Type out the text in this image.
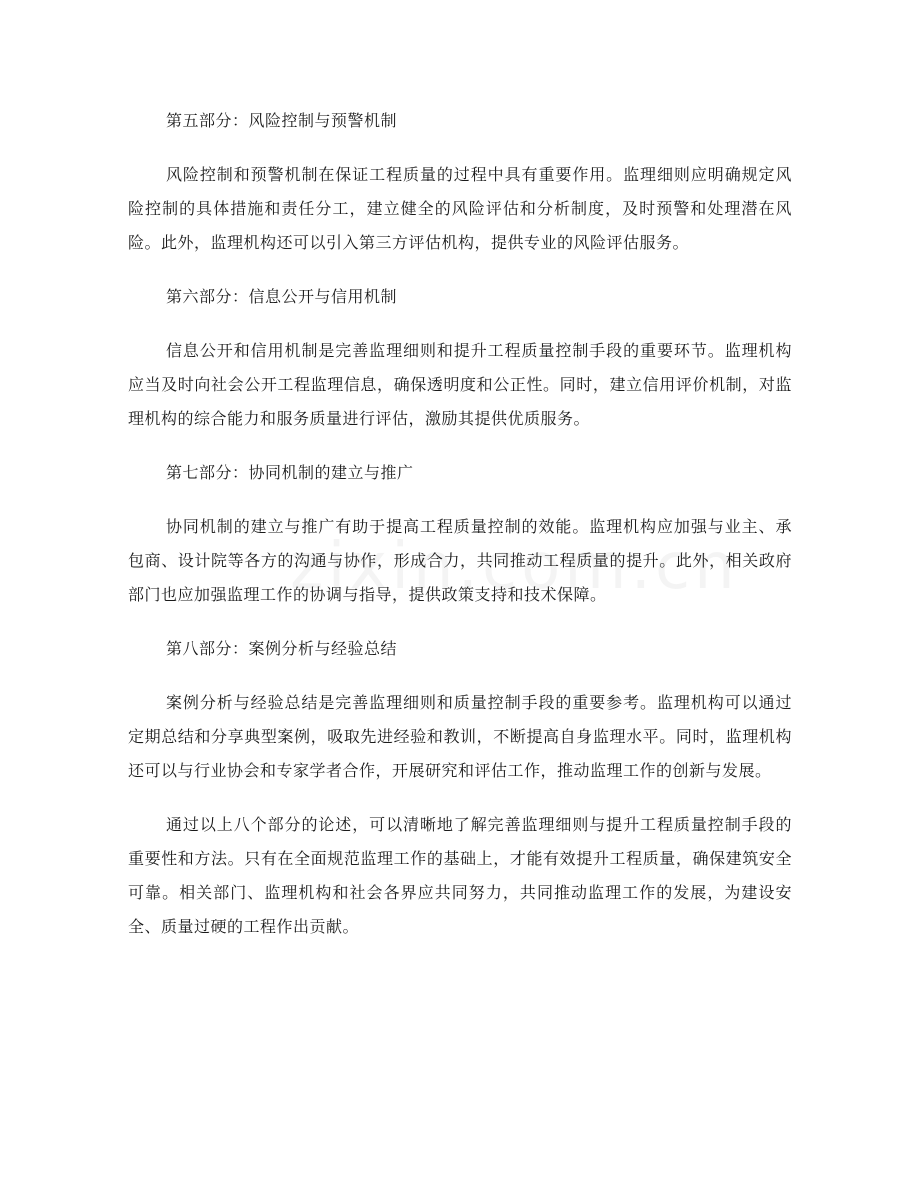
第五部分：风险控制与预警机制

风险控制和预警机制在保证工程质量的过程中具有重要作用。监理细则应明确规定风险控制的具体措施和责任分工，建立健全的风险评估和分析制度，及时预警和处理潜在风险。此外，监理机构还可以引入第三方评估机构，提供专业的风险评估服务。

第六部分：信息公开与信用机制

信息公开和信用机制是完善监理细则和提升工程质量控制手段的重要环节。监理机构应当及时向社会公开工程监理信息，确保透明度和公正性。同时，建立信用评价机制，对监理机构的综合能力和服务质量进行评估，激励其提供优质服务。

第七部分：协同机制的建立与推广

协同机制的建立与推广有助于提高工程质量控制的效能。监理机构应加强与业主、承包商、设计院等各方的沟通与协作，形成合力，共同推动工程质量的提升。此外，相关政府部门也应加强监理工作的协调与指导，提供政策支持和技术保障。

第八部分：案例分析与经验总结

案例分析与经验总结是完善监理细则和质量控制手段的重要参考。监理机构可以通过定期总结和分享典型案例，吸取先进经验和教训，不断提高自身监理水平。同时，监理机构还可以与行业协会和专家学者合作，开展研究和评估工作，推动监理工作的创新与发展。

通过以上八个部分的论述，可以清晰地了解完善监理细则与提升工程质量控制手段的重要性和方法。只有在全面规范监理工作的基础上，才能有效提升工程质量，确保建筑安全可靠。相关部门、监理机构和社会各界应共同努力，共同推动监理工作的发展，为建设安全、质量过硬的工程作出贡献。
